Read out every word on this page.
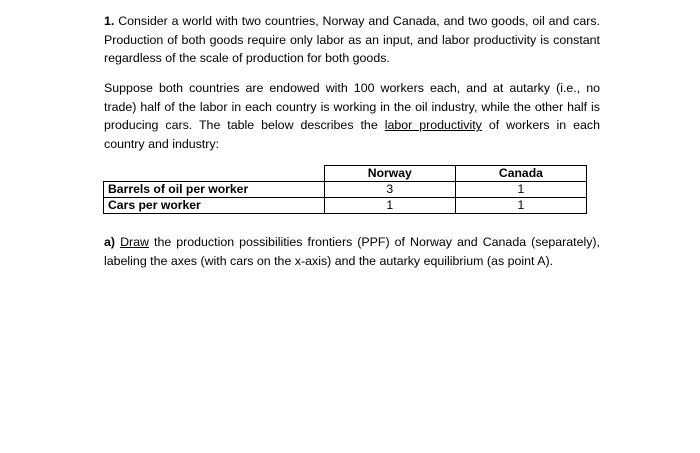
1. Consider a world with two countries, Norway and Canada, and two goods, oil and cars. Production of both goods require only labor as an input, and labor productivity is constant regardless of the scale of production for both goods.

Suppose both countries are endowed with 100 workers each, and at autarky (i.e., no trade) half of the labor in each country is working in the oil industry, while the other half is producing cars. The table below describes the labor productivity of workers in each country and industry:

	Norway	Canada
Barrels of oil per worker	3	1
Cars per worker	1	1

a) Draw the production possibilities frontiers (PPF) of Norway and Canada (separately), labeling the axes (with cars on the x-axis) and the autarky equilibrium (as point A).
